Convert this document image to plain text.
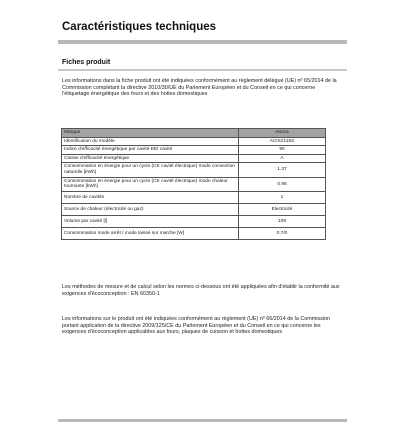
Caractéristiques techniques
Fiches produit
Les informations dans la fiche produit ont été indiquées conformément au règlement délégué (UE) nº 65/2014 de la Commission complétant la directive 2010/30/UE du Parlement Européen et du Conseil en ce qui concerne l'étiquetage énergétique des fours et des hottes domestiques
Marque	Amica
Identification du modèle	ACIS2115S
Indice d'efficacité énergétique par cavité EEI cavité	90
Classe d'efficacité énergétique	A
Consommation en énergie pour un cycle (CE cavité électrique) mode convection naturelle [kWh]	1.37
Consommation en énergie pour un cycle (CE cavité électrique) mode chaleur tournante [kWh]	0.95
Nombre de cavités	1
Source de chaleur (électricité ou gaz)	Electricité
Volume par cavité [l]	108
Consommation mode arrêt / mode laissé sur marche [W]	0.7/0
Les méthodes de mesure et de calcul selon les normes ci-dessous ont été appliquées afin d'établir la conformité aux exigences d'écoconception : EN 60350-1
Les informations sur le produit ont été indiquées conformément au règlement (UE) nº 66/2014 de la Commission portant application de la directive 2009/125/CE du Parlement Européen et du Conseil en ce qui concerne les exigences d'écoconception applicables aux fours, plaques de cuisson et hottes domestiques
